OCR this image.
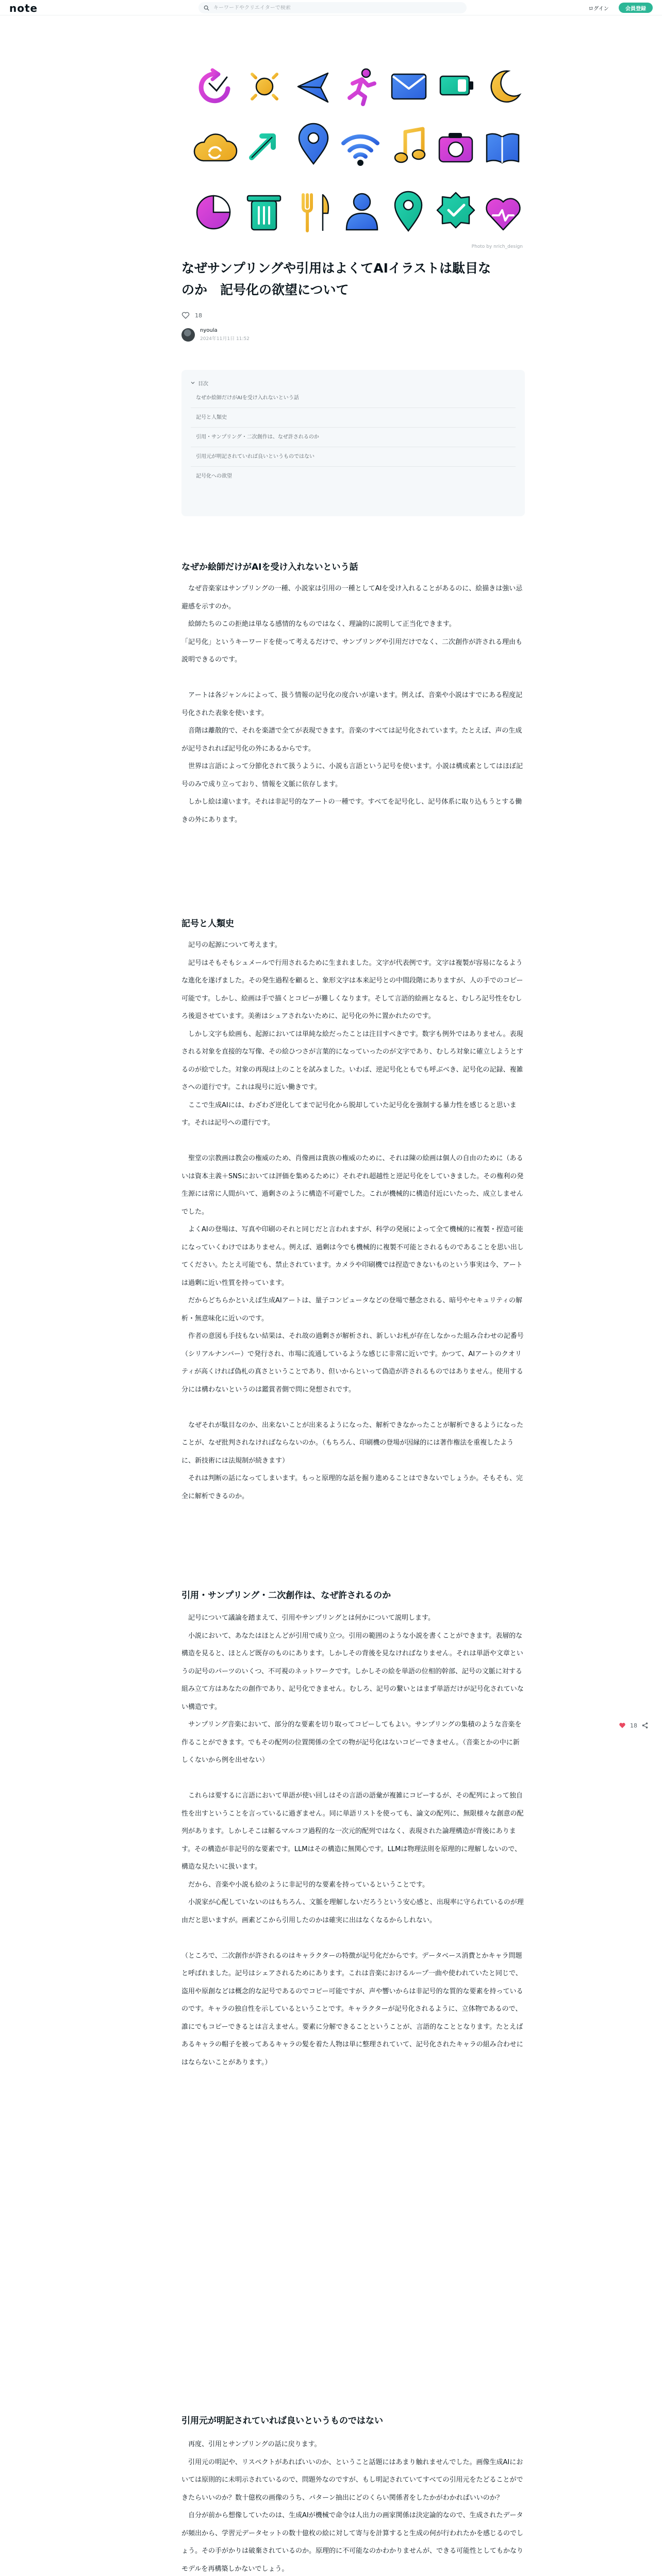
note
キーワードやクリエイターで検索	ログイン	会員登録
Photo by nrich_design
なぜサンプリングや引用はよくてAIイラストは駄目なのか　記号化の欲望について
18
nyoula
2024年11月1日 11:52
目次
なぜか絵師だけがAIを受け入れないという話
記号と人類史
引用・サンプリング・二次創作は、なぜ許されるのか
引用元が明記されていれば良いというものではない
記号化への欲望
なぜか絵師だけがAIを受け入れないという話

　なぜ音楽家はサンプリングの一種、小説家は引用の一種としてAIを受け入れることがあるのに、絵描きは強い忌避感を示すのか。

　絵師たちのこの拒絶は単なる感情的なものではなく、理論的に説明して正当化できます。

「記号化」というキーワードを使って考えるだけで、サンプリングや引用だけでなく、二次創作が許される理由も説明できるのです。

　アートは各ジャンルによって、扱う情報の記号化の度合いが違います。例えば、音楽や小説はすでにある程度記号化された表象を使います。

　音階は離散的で、それを楽譜で全てが表現できます。音楽のすべては記号化されています。たとえば、声の生成が記号されれば記号化の外にあるからです。

　世界は言語によって分節化されて扱うように、小説も言語という記号を使います。小説は構成素としてはほぼ記号のみで成り立っており、情報を文脈に依存します。

　しかし絵は違います。それは非記号的なアートの一種です。すべてを記号化し、記号体系に取り込もうとする働きの外にあります。

記号と人類史

　記号の起源について考えます。

　記号はそもそもシュメールで行用されるために生まれました。文字が代表例です。文字は複製が容易になるような進化を遂げました。その発生過程を顧ると、象形文字は本来記号との中間段階にありますが、人の手でのコピー可能です。しかし、絵画は手で描くとコピーが難しくなります。そして言語的絵画となると、むしろ記号性をむしろ後退させています。美術はシュアされないために、記号化の外に置かれたのです。

　しかし文字も絵画も、起源においては単純な絵だったことは注目すべきです。数字も例外ではありません。表現される対象を直接的な写像、その絵ひつさが言葉的になっていったのが文字であり、むしろ対象に確立しようとするのが絵でした。対象の再現は上のことを試みました。いわば、逆記号化ともでも呼ぶべき、記号化の記録、複雑さへの道行です。これは現号に近い働きです。

　ここで生成AIには、わざわざ逆化してまで記号化から脱却していた記号化を強制する暴力性を感じると思います。それは記号への還行です。

　聖堂の宗教画は教会の権威のため、肖像画は貴族の権威のために、それは陳の絵画は個人の自由のために（あるいは資本主義＋SNSにおいては評価を集めるために）それぞれ超越性と逆記号化をしていきました。その権利の発生源には常に人間がいて、過剰さのように構造不可避でした。これが機械的に構造付近にいたった、成立しませんでした。

　よくAIの登場は、写真や印刷のそれと同じだと言われますが、科学の発展によって全て機械的に複製・捏造可能になっていくわけではありません。例えば、過剰は今でも機械的に複製不可能とされるものであることを思い出してください。たとえ可能でも、禁止されています。カメラや印刷機では捏造できないものという事実は今、アートは過剰に近い性質を持っています。

　だからどちらかといえば生成AIアートは、量子コンピュータなどの登場で懸念される、暗号やセキュリティの解析・無意味化に近いのです。

　作者の意図も手技もない結果は、それ故の過剰さが解析され、新しいお札が存在しなかった組み合わせの記番号（シリアルナンバー）で発行され、市場に流通しているような感じに非常に近いです。かつて、AIアートのクオリティが高くければ偽札の真さということであり、但いからといって偽造が許されるものではありません。使用する分には構わないというのは鑑賞者側で問に発想されです。

　なぜそれが駄目なのか、出来ないことが出来るようになった、解析できなかったことが解析できるようになったことが、なぜ批判されなければならないのか。（もちろん、印刷機の登場が因縁的には著作権法を重複したように、新技術には法規制が続きます）

　それは判断の話になってしまいます。もっと原理的な話を掘り進めることはできないでしょうか。そもそも、完全に解析できるのか。

引用・サンプリング・二次創作は、なぜ許されるのか

　記号について議論を踏まえて、引用やサンプリングとは何かについて説明します。

　小説において、あなたはほとんどが引用で成り立つ。引用の範囲のような小説を書くことができます。表層的な構造を見ると、ほとんど既存のものにあります。しかしその背後を見なければなりません。それは単語や文章というの記号のパーツのいくつ、不可視のネットワークです。しかしその絵を単語の位相的幹部、記号の文脈に対する組み立て方はあなたの創作であり、記号化できません。むしろ、記号の繋いとはまず単語だけが記号化されていない構造です。

　サンプリング音楽において、部分的な要素を切り取ってコピーしてもよい。サンプリングの集積のような音楽を作ることができます。でもその配列の位置関係の全ての物が記号化はないコピーできません。（音楽とかの中に新しくないから例を出せない）

　これらは要するに言語において単語が使い回しはその言語の語彙が複雑にコピーするが、その配列によって独自性を出すということを言っているに過ぎません。同に単語リストを使っても、論文の配列に、無限様々な創意の配列があります。しかしそこは解るマルコフ過程的な一次元的配列ではなく、表現された論理構造が背後にあります。その構造が非記号的な要素です。LLMはその構造に無関心です。LLMは物理法則を原理的に理解しないので、構造な見たいに扱います。

　だから、音楽や小説も絵のように非記号的な要素を持っているということです。

　小説家が心配していないのはもちろん、文脈を理解しないだろうという安心感と、出現率に守られているのが理由だと思いますが。画素どこから引用したのかは確実に出はなくなるからしれない。

（ところで、二次創作が許されるのはキャラクターの特徴が記号化だからです。データベース消費とかキャラ問題と呼ばれました。記号はシェアされるためにあります。これは音楽におけるループ一曲や使われていたと同じで、盗用や原創などは概念的な記号であるのでコピー可能ですが、声や響いからは非記号的な質的な要素を持っているのです。キャラの独自性を示しているということです。キャラクターが記号化されるように、立体物であるので、誰にでもコピーできるとは言えません。要素に分解できることということが、言語的なこととなります。たとえばあるキャラの帽子を被ってあるキャラの髪を着た人物は単に整理されていて、記号化されたキャラの組み合わせにはならないことがあります。）

引用元が明記されていれば良いというものではない

　再度、引用とサンプリングの話に戻ります。

　引用元の明記や、リスペクトがあればいいのか、ということ話題にはあまり触れませんでした。画像生成AIにおいては原則的に未明示されているので、問題外なのですが、もし明記されていてすべての引用元をたどることができたらいいのか？数十億枚の画像のうち、パターン抽出にどのくらい関係者をしたかがわかればいいのか？

　自分が前から想像していたのは、生成AIが機械で命令は人出力の画家関係は決定論的なので、生成されたデータが頻出から、学習元データセットの数十億枚の絵に対して寄与を計算すると生成の何が行われたかを感じるのでしょう。その手がかりは破棄されているのか。原理的に不可能なのかわかりませんが、できる可能性としてもかなりモデルを再構築しかないでしょう。

18
